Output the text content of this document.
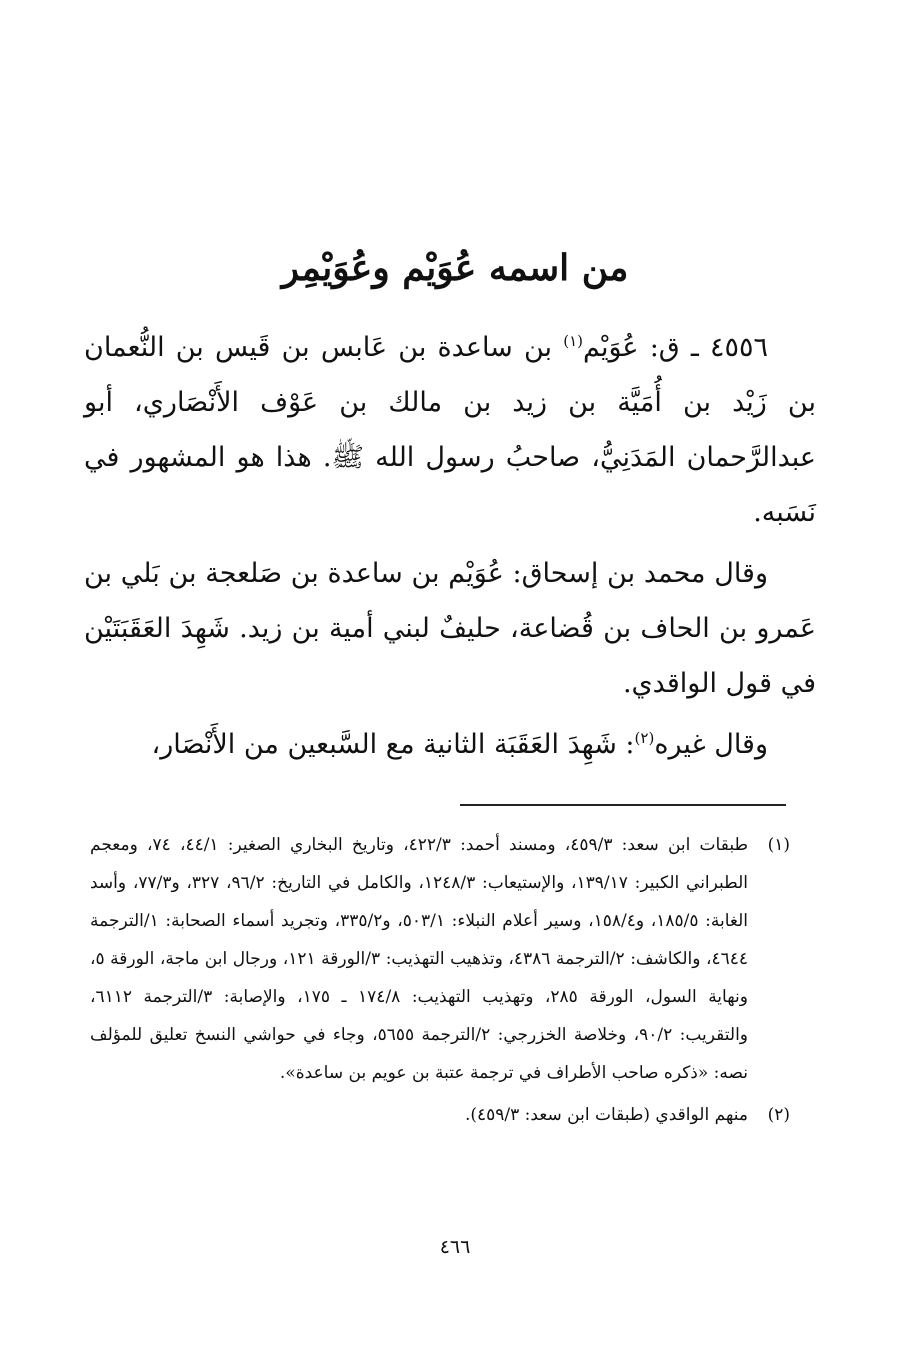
من اسمه عُوَيْم وعُوَيْمِر

٤٥٥٦ ـ ق: عُوَيْم$^{(١)}$ بن ساعدة بن عَابس بن قَيس بن النُّعمان بن زَيْد بن أُمَيَّة بن زيد بن مالك بن عَوْف الأَنْصَاري، أبو عبدالرَّحمان المَدَنِيُّ، صاحبُ رسول الله ﷺ. هذا هو المشهور في نَسَبه.

وقال محمد بن إسحاق: عُوَيْم بن ساعدة بن صَلعجة بن بَلي بن عَمرو بن الحاف بن قُضاعة، حليفٌ لبني أمية بن زيد. شَهِدَ العَقَبَتَيْن في قول الواقدي.

وقال غيره$^{(٢)}$: شَهِدَ العَقَبَة الثانية مع السَّبعين من الأَنْصَار،

(١)
طبقات ابن سعد: ٤٥٩/٣، ومسند أحمد: ٤٢٢/٣، وتاريخ البخاري الصغير: ٤٤/١، ٧٤، ومعجم الطبراني الكبير: ١٣٩/١٧، والإستيعاب: ١٢٤٨/٣، والكامل في التاريخ: ٩٦/٢، ٣٢٧، و٧٧/٣، وأسد الغابة: ١٨٥/٥، و١٥٨/٤، وسير أعلام النبلاء: ٥٠٣/١، و٣٣٥/٢، وتجريد أسماء الصحابة: ١/الترجمة ٤٦٤٤، والكاشف: ٢/الترجمة ٤٣٨٦، وتذهيب التهذيب: ٣/الورقة ١٢١، ورجال ابن ماجة، الورقة ٥، ونهاية السول، الورقة ٢٨٥، وتهذيب التهذيب: ١٧٤/٨ ـ ١٧٥، والإصابة: ٣/الترجمة ٦١١٢، والتقريب: ٩٠/٢، وخلاصة الخزرجي: ٢/الترجمة ٥٦٥٥، وجاء في حواشي النسخ تعليق للمؤلف نصه: «ذكره صاحب الأطراف في ترجمة عتبة بن عويم بن ساعدة».
(٢)
منهم الواقدي (طبقات ابن سعد: ٤٥٩/٣).
٤٦٦
